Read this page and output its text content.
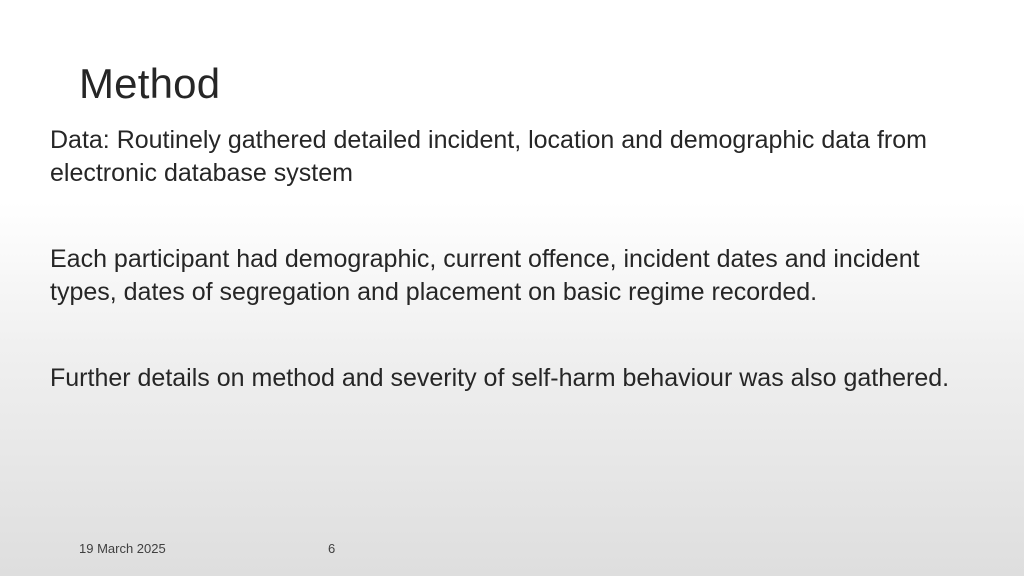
Method

Data: Routinely gathered detailed incident, location and demographic data from electronic database system

Each participant had demographic, current offence, incident dates and incident types, dates of segregation and placement on basic regime recorded.

Further details on method and severity of self-harm behaviour was also gathered.

19 March 2025	6
